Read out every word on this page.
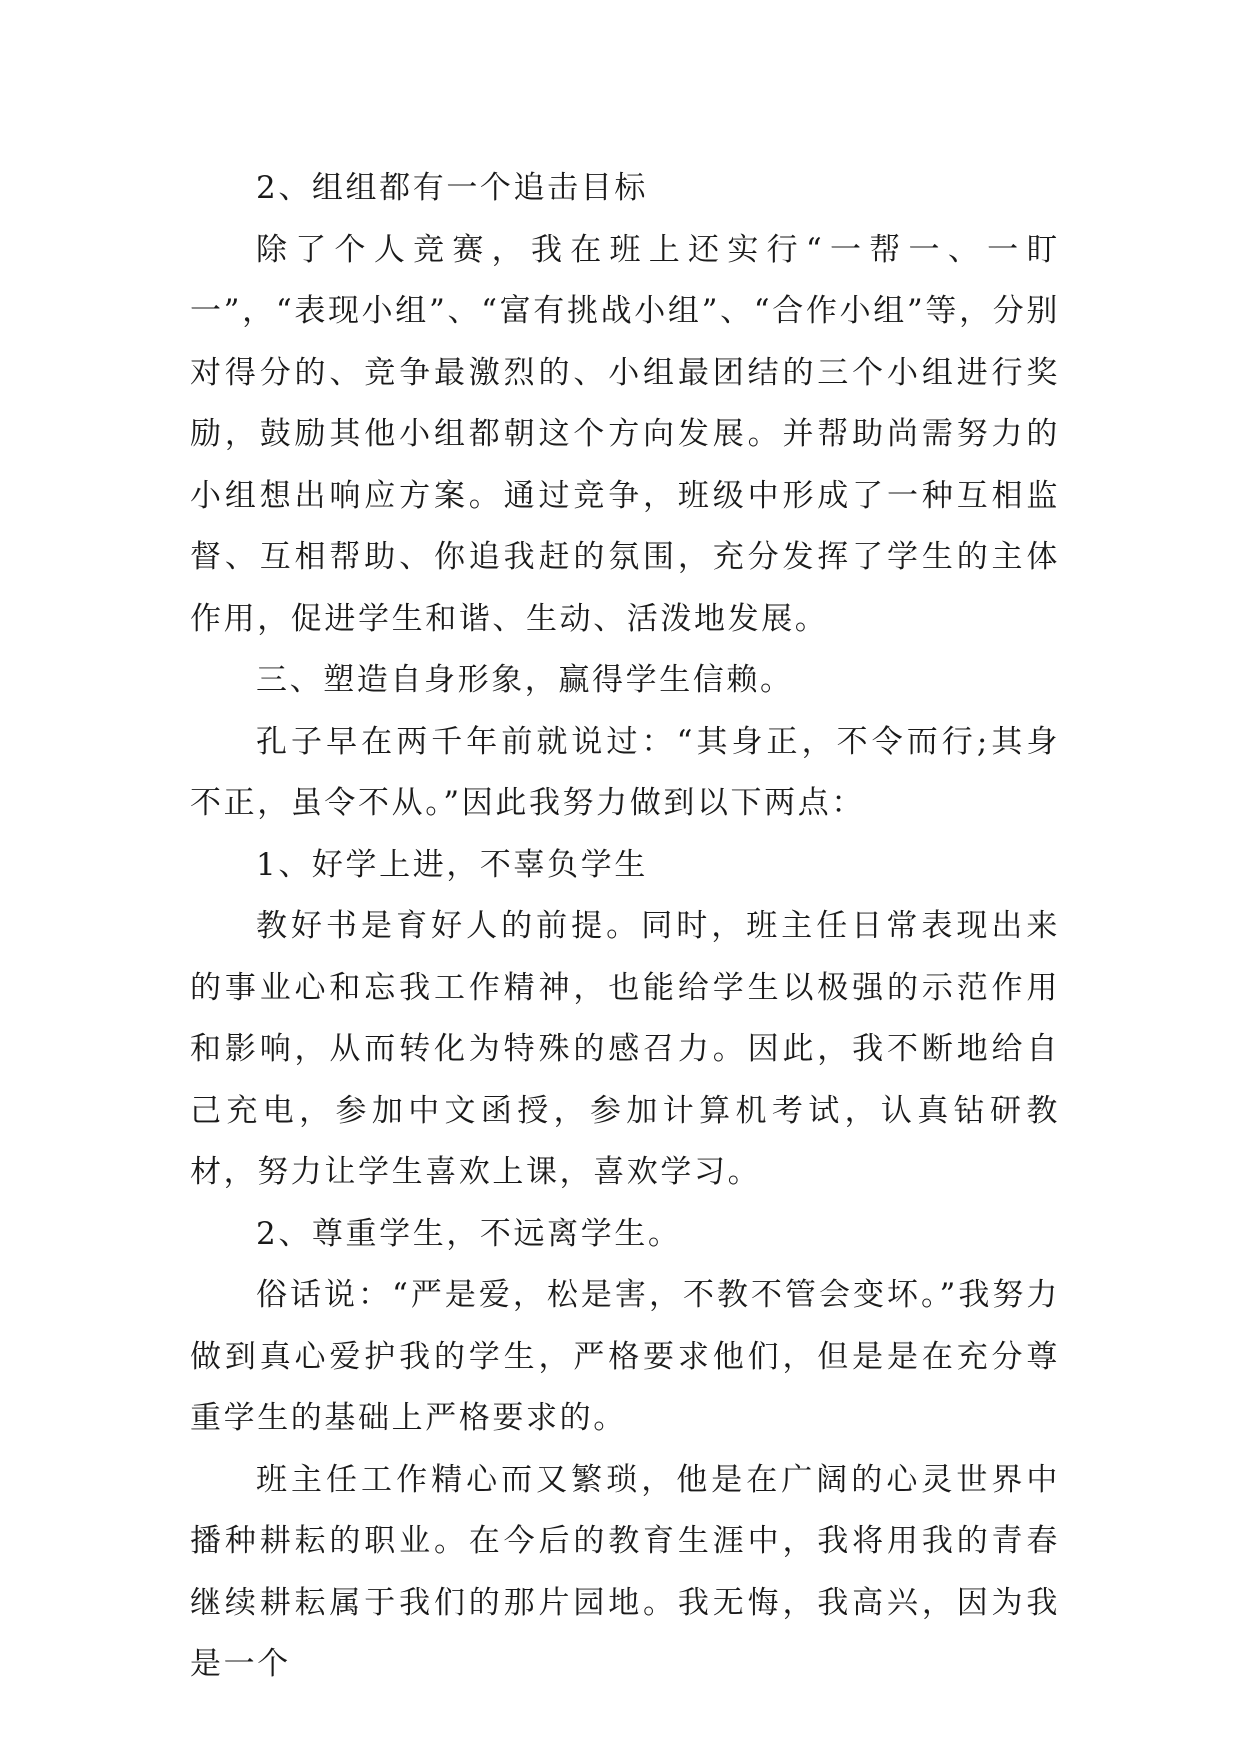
2、组组都有一个追击目标

除了个人竞赛，我在班上还实行“一帮一、一盯一”，“表现小组”、“富有挑战小组”、“合作小组”等，分别对得分的、竞争最激烈的、小组最团结的三个小组进行奖励，鼓励其他小组都朝这个方向发展。并帮助尚需努力的小组想出响应方案。通过竞争，班级中形成了一种互相监督、互相帮助、你追我赶的氛围，充分发挥了学生的主体作用，促进学生和谐、生动、活泼地发展。

三、塑造自身形象，赢得学生信赖。

孔子早在两千年前就说过：“其身正，不令而行;其身不正，虽令不从。”因此我努力做到以下两点：

1、好学上进，不辜负学生

教好书是育好人的前提。同时，班主任日常表现出来的事业心和忘我工作精神，也能给学生以极强的示范作用和影响，从而转化为特殊的感召力。因此，我不断地给自己充电，参加中文函授，参加计算机考试，认真钻研教材，努力让学生喜欢上课，喜欢学习。

2、尊重学生，不远离学生。

俗话说：“严是爱，松是害，不教不管会变坏。”我努力做到真心爱护我的学生，严格要求他们，但是是在充分尊重学生的基础上严格要求的。

班主任工作精心而又繁琐，他是在广阔的心灵世界中播种耕耘的职业。在今后的教育生涯中，我将用我的青春继续耕耘属于我们的那片园地。我无悔，我高兴，因为我是一个
